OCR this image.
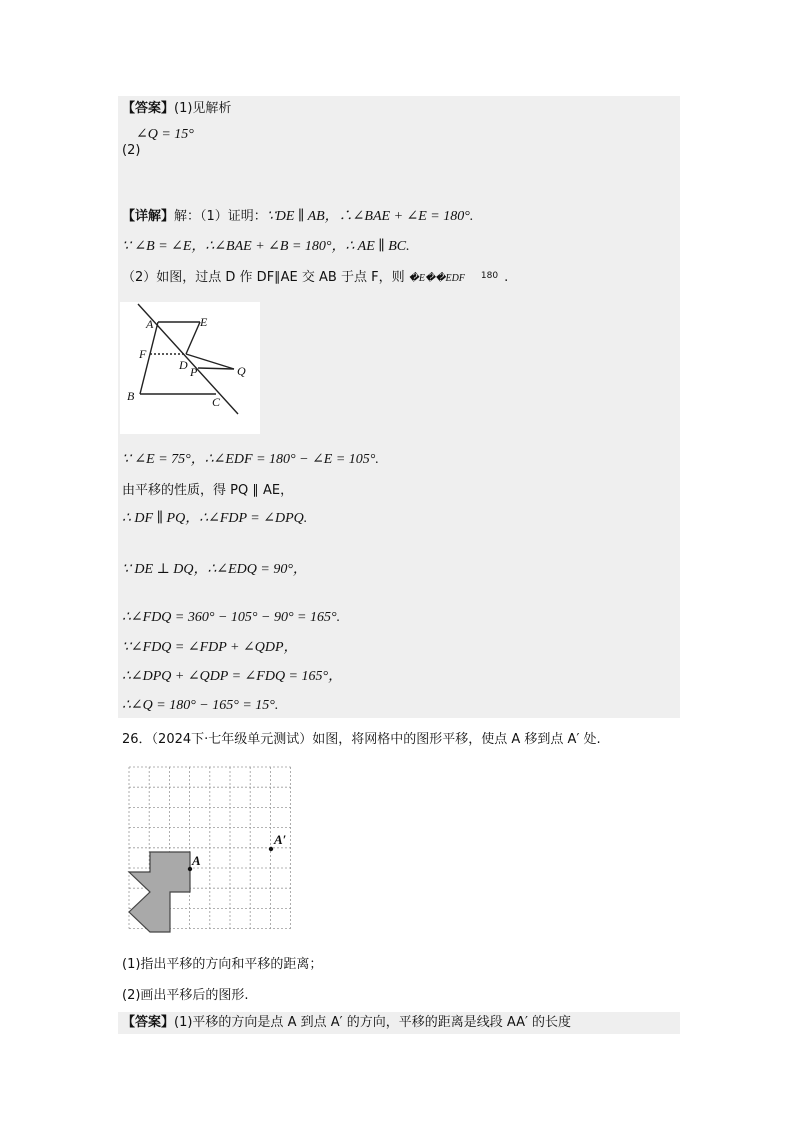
【答案】(1)见解析
∠Q = 15°
(2)
【详解】解：（1）证明：∵DE ∥ AB，∴∠BAE + ∠E = 180°.
∵ ∠B = ∠E，∴∠BAE + ∠B = 180°，∴ AE ∥ BC.
（2）如图，过点 D 作 DF∥AE 交 AB 于点 F，则 �E��EDF $^{180}$ .
A	E
F
D P	Q
B	C
∵ ∠E = 75°，∴∠EDF = 180° − ∠E = 105°.
由平移的性质，得 PQ ∥ AE，
∴ DF ∥ PQ，∴∠FDP = ∠DPQ.
∵ DE ⊥ DQ，∴∠EDQ = 90°，
∴∠FDQ = 360° − 105° − 90° = 165°.
∵∠FDQ = ∠FDP + ∠QDP，
∴∠DPQ + ∠QDP = ∠FDQ = 165°，
∴∠Q = 180° − 165° = 15°.
26．（2024下·七年级单元测试）如图，将网格中的图形平移，使点 A 移到点 A′ 处.
A
A′
(1)指出平移的方向和平移的距离；
(2)画出平移后的图形.
【答案】(1)平移的方向是点 A 到点 A′ 的方向，平移的距离是线段 AA′ 的长度
